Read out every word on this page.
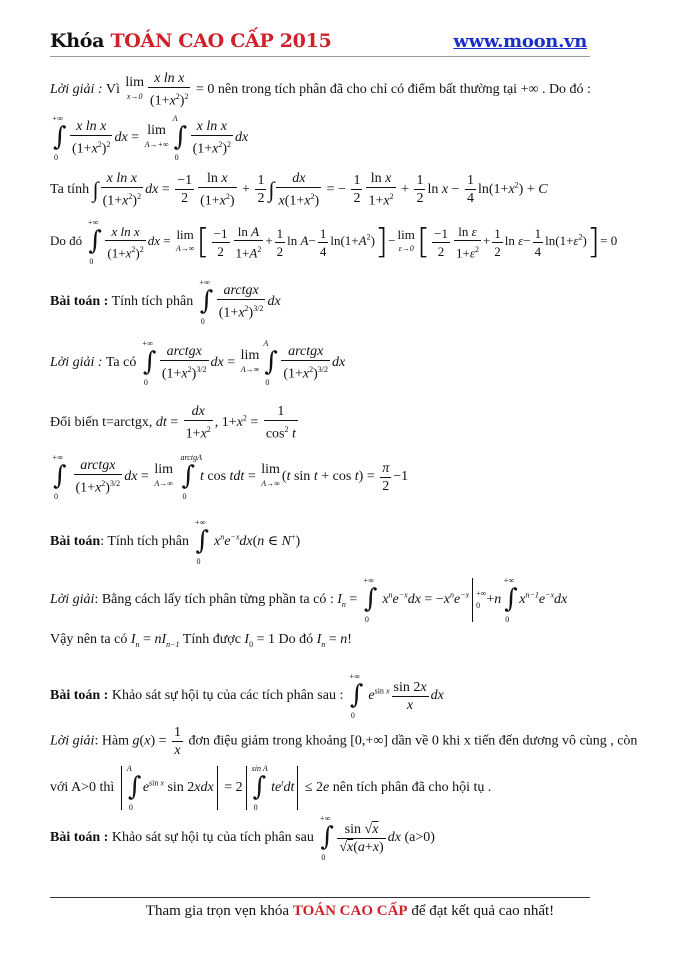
Khóa TOÁN CAO CẤP 2015	www.moon.vn
Lời giải : Vì lim
$x\to 0 \frac{\text{x ln x}}{(1+x^2)^2} = 0$ nên trong tích phân đã cho chỉ có điểm bất thường tại +∞ . Do đó :
+∞
∫
$0 \frac{\text{x ln x}}{(1+x^2)^2}$ dx = lim
A→+∞
A
∫
$0 \frac{\text{x ln x}}{(1+x^2)^2}$ dx
Ta tính ∫ $\frac{\text{x ln x}}{(1+x^2)^2}$ dx = $\frac{-1}{2} \frac{\text{ln x}}{(1+x^2)} + \frac{1}{2}$ ∫ $\frac{dx}{x(1+x^2)}$ = − $\frac{1}{2} \frac{\text{ln x}}{1+x^2} + \frac{1}{2}$ $\ln x - \frac{1}{4} \ln(1+x^2) + C$
Do đó
+∞
∫
0
$\frac{\text{x ln x}}{(1+x^2)^2}$ dx = lim
A→∞ [ $\frac{-1}{2} \frac{\text{ln A}}{1+A^2} + \frac{1}{2}$ $\ln A- \frac{1}{4} \ln(1+A^2)]- \lim$
ε→0 [ $\frac{-1}{2} \frac{\text{ln ε}}{1+\varepsilon^2} + \frac{1}{2}$ $\ln \varepsilon- \frac{1}{4} \ln(1+\varepsilon^2)]= 0$
Bài toán : Tính tích phân
+∞
∫
$0 \frac{\text{arctgx}}{(1+x^2)^{3/2}}$ dx
Lời giải : Ta có
+∞
∫
$0 \frac{\text{arctgx}}{(1+x^2)^{3/2}}$ dx = lim
A→∞
A
∫
$0 \frac{\text{arctgx}}{(1+x^2)^{3/2}}$ dx
Đổi biến t=arctgx, dt = $\frac{dx}{1+x^2}$ , $1+x^2 = \frac{1}{\cos^2 t}$
+∞
∫
0
$\frac{\text{arctgx}}{(1+x^2)^{3/2}}$ dx = lim
A→∞

arctgA
∫
0
t cos tdt = lim
A→∞ (t $\sin t + \cos t) = \frac{\pi}{2} -1$
Bài toán: Tính tích phân
+∞
∫
0
$x^ne^{-x}dx(n$ ∈ N+)
Lời giải: Bằng cách lấy tích phân từng phần ta có : $I_n$ =
+∞
∫
0
$x^ne^{-x}dx = -x^ne^{-x}$ +∞
0 +n
+∞
∫
0
$x^{n-1}e^{-x}dx$
Vậy nên ta có $I_n = nI_{n-1}$ Tính được $I_0 = 1$ Do đó $I_n = n$!
Bài toán : Khảo sát sự hội tụ của các tích phân sau :
+∞
∫
0
$e^{sin x} \frac{\sin 2x}{x}$ dx
Lời giải: Hàm $g(x) = \frac{1}{x}$ đơn điệu giảm trong khoảng [0,+∞] dần về 0 khi x tiến đến dương vô cùng , còn
với A>0 thì
A
∫
0
$e^{sin x}$ sin 2xdx = 2
sin A
∫
0
$te^tdt \le 2e$ nên tích phân đã cho hội tụ .
Bài toán : Khảo sát sự hội tụ của tích phân sau
+∞
∫
0
$\frac{\sin √x}{√x(a+x)}$ dx (a>0)
Tham gia trọn vẹn khóa TOÁN CAO CẤP để đạt kết quả cao nhất!
